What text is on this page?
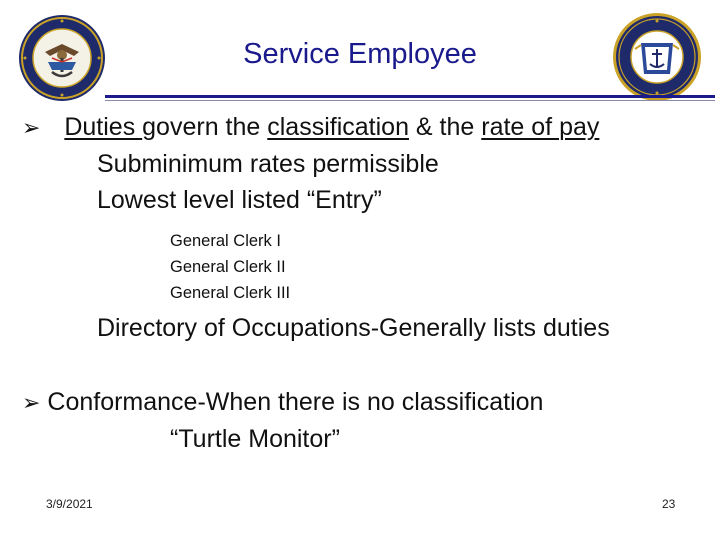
Service Employee
➢ Duties govern the classification & the rate of pay
Subminimum rates permissible
Lowest level listed “Entry”
General Clerk I
General Clerk II
General Clerk III
Directory of Occupations-Generally lists duties
➢ Conformance-When there is no classification
“Turtle Monitor”
3/9/2021	23
